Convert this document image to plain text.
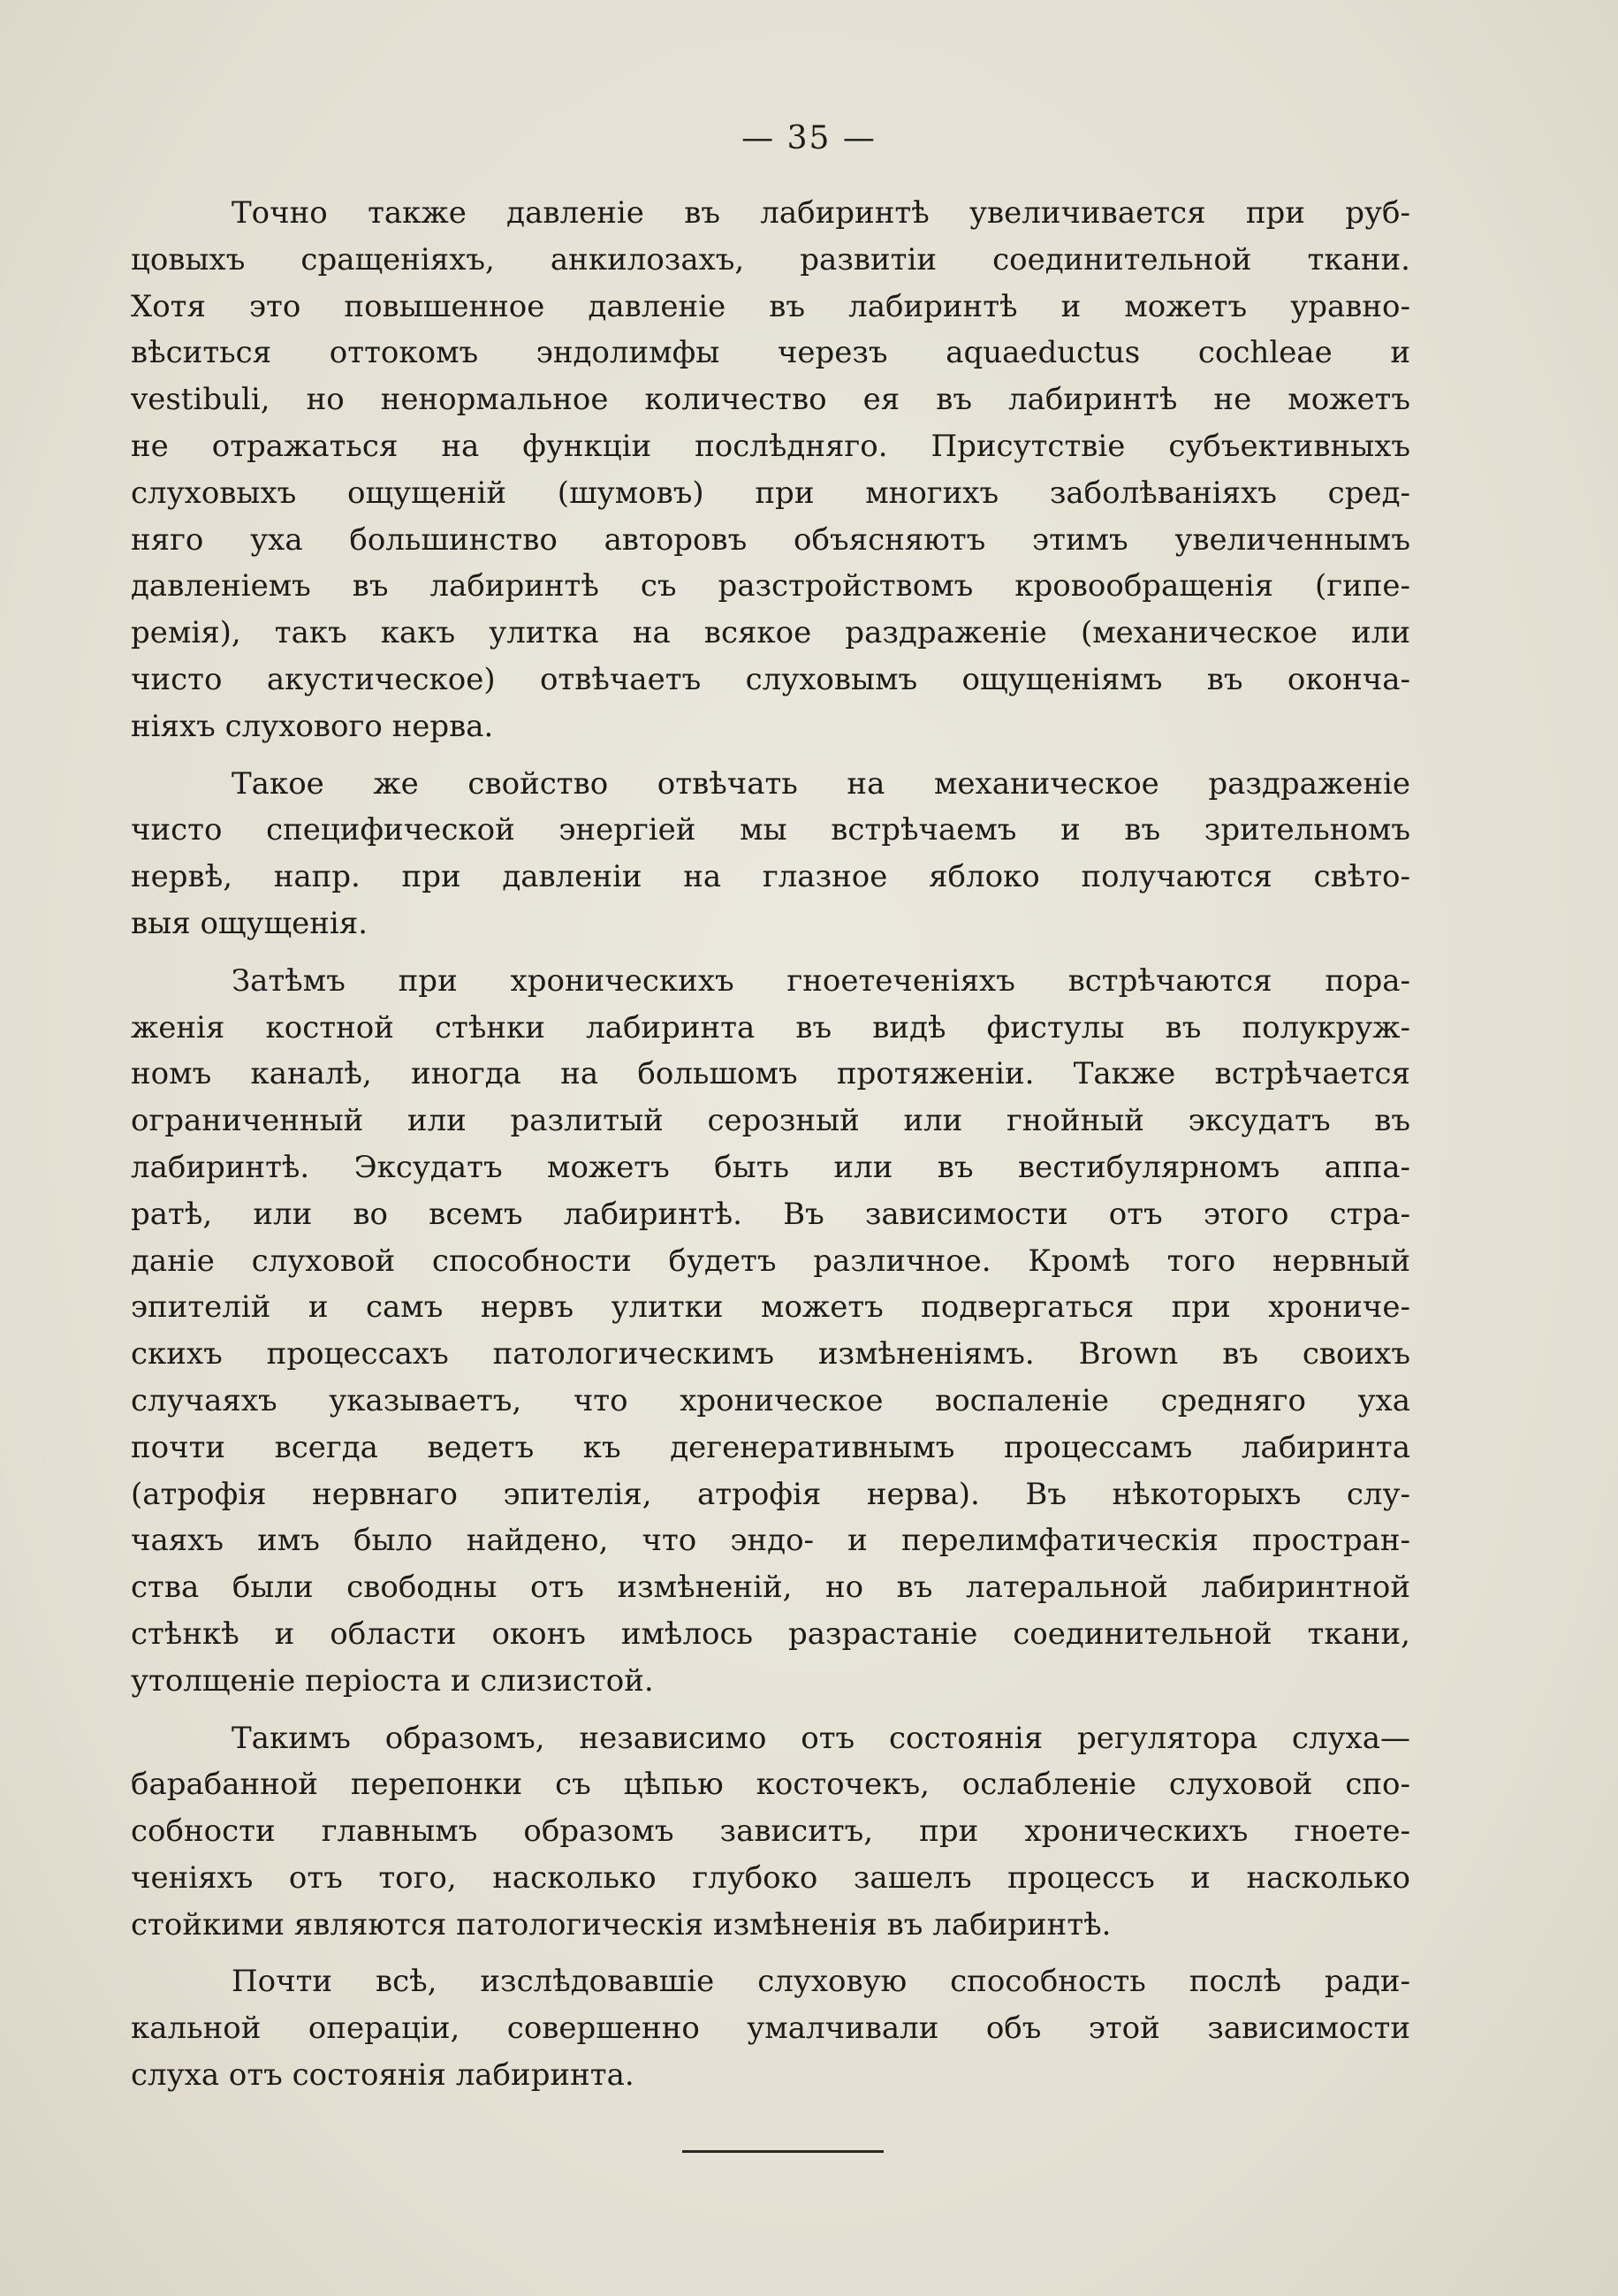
— 35 —
Точно также давленіе въ лабиринтѣ увеличивается при руб-
цовыхъ сращеніяхъ, анкилозахъ, развитіи соединительной ткани.
Хотя это повышенное давленіе въ лабиринтѣ и можетъ уравно-
вѣситься оттокомъ эндолимфы черезъ aquaeductus cochleae и
vestibuli, но ненормальное количество ея въ лабиринтѣ не можетъ
не отражаться на функціи послѣдняго. Присутствіе субъективныхъ
слуховыхъ ощущеній (шумовъ) при многихъ заболѣваніяхъ сред-
няго уха большинство авторовъ объясняютъ этимъ увеличеннымъ
давленіемъ въ лабиринтѣ съ разстройствомъ кровообращенія (гипе-
ремія), такъ какъ улитка на всякое раздраженіе (механическое или
чисто акустическое) отвѣчаетъ слуховымъ ощущеніямъ въ оконча-
ніяхъ слухового нерва.
Такое же свойство отвѣчать на механическое раздраженіе
чисто специфической энергіей мы встрѣчаемъ и въ зрительномъ
нервѣ, напр. при давленіи на глазное яблоко получаются свѣто-
выя ощущенія.
Затѣмъ при хроническихъ гноетеченіяхъ встрѣчаются пора-
женія костной стѣнки лабиринта въ видѣ фистулы въ полукруж-
номъ каналѣ, иногда на большомъ протяженіи. Также встрѣчается
ограниченный или разлитый серозный или гнойный эксудатъ въ
лабиринтѣ. Эксудатъ можетъ быть или въ вестибулярномъ аппа-
ратѣ, или во всемъ лабиринтѣ. Въ зависимости отъ этого стра-
даніе слуховой способности будетъ различное. Кромѣ того нервный
эпителій и самъ нервъ улитки можетъ подвергаться при хрониче-
скихъ процессахъ патологическимъ измѣненіямъ. Brown въ своихъ
случаяхъ указываетъ, что хроническое воспаленіе средняго уха
почти всегда ведетъ къ дегенеративнымъ процессамъ лабиринта
(атрофія нервнаго эпителія, атрофія нерва). Въ нѣкоторыхъ слу-
чаяхъ имъ было найдено, что эндо- и перелимфатическія простран-
ства были свободны отъ измѣненій, но въ латеральной лабиринтной
стѣнкѣ и области оконъ имѣлось разрастаніе соединительной ткани,
утолщеніе періоста и слизистой.
Такимъ образомъ, независимо отъ состоянія регулятора слуха—
барабанной перепонки съ цѣпью косточекъ, ослабленіе слуховой спо-
собности главнымъ образомъ зависитъ, при хроническихъ гноете-
ченіяхъ отъ того, насколько глубоко зашелъ процессъ и насколько
стойкими являются патологическія измѣненія въ лабиринтѣ.
Почти всѣ, изслѣдовавшіе слуховую способность послѣ ради-
кальной операціи, совершенно умалчивали объ этой зависимости
слуха отъ состоянія лабиринта.
